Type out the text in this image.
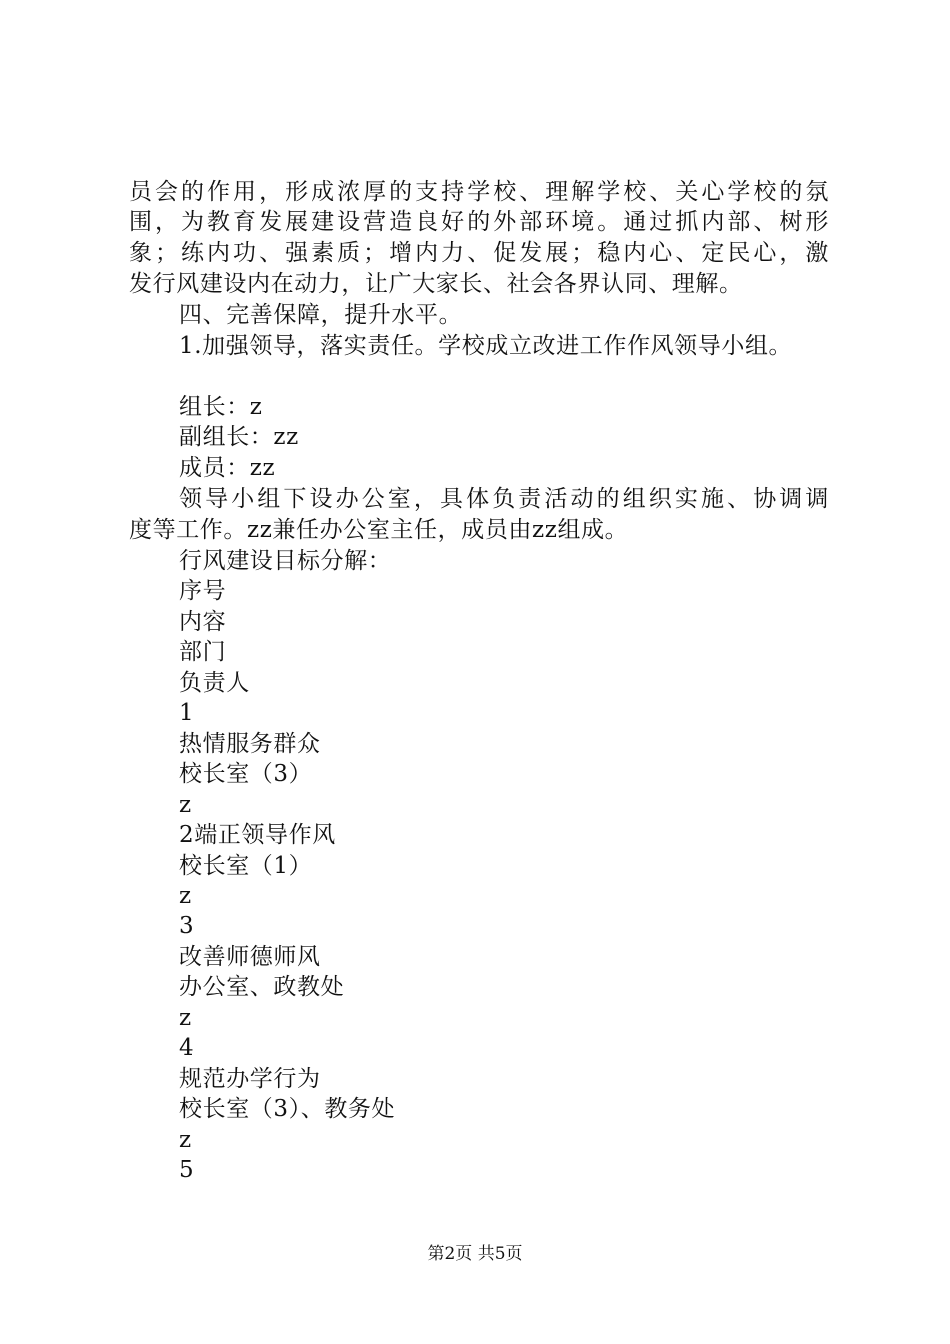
员会的作用，形成浓厚的支持学校、理解学校、关心学校的氛
围，为教育发展建设营造良好的外部环境。通过抓内部、树形
象；练内功、强素质；增内力、促发展；稳内心、定民心，激
发行风建设内在动力，让广大家长、社会各界认同、理解。
四、完善保障，提升水平。
1.加强领导，落实责任。学校成立改进工作作风领导小组。
组长：z
副组长：zz
成员：zz
领导小组下设办公室，具体负责活动的组织实施、协调调
度等工作。zz兼任办公室主任，成员由zz组成。
行风建设目标分解：
序号
内容
部门
负责人
1
热情服务群众
校长室（3）
z
2端正领导作风
校长室（1）
z
3
改善师德师风
办公室、政教处
z
4
规范办学行为
校长室（3）、教务处
z
5
第2页 共5页
